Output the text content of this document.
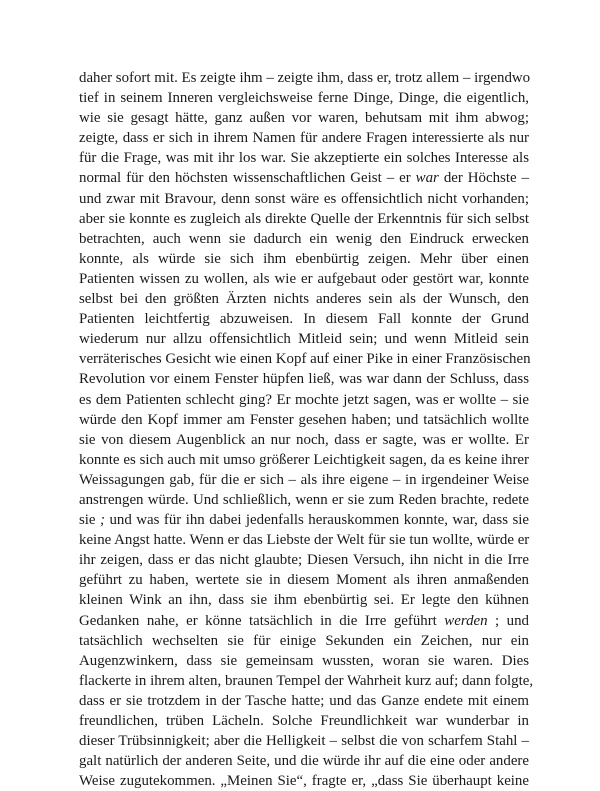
daher sofort mit. Es zeigte ihm – zeigte ihm, dass er, trotz allem – irgendwo
tief in seinem Inneren vergleichsweise ferne Dinge, Dinge, die eigentlich,
wie sie gesagt hätte, ganz außen vor waren, behutsam mit ihm abwog;
zeigte, dass er sich in ihrem Namen für andere Fragen interessierte als nur
für die Frage, was mit ihr los war. Sie akzeptierte ein solches Interesse als
normal für den höchsten wissenschaftlichen Geist – er war der Höchste –
und zwar mit Bravour, denn sonst wäre es offensichtlich nicht vorhanden;
aber sie konnte es zugleich als direkte Quelle der Erkenntnis für sich selbst
betrachten, auch wenn sie dadurch ein wenig den Eindruck erwecken
konnte, als würde sie sich ihm ebenbürtig zeigen. Mehr über einen
Patienten wissen zu wollen, als wie er aufgebaut oder gestört war, konnte
selbst bei den größten Ärzten nichts anderes sein als der Wunsch, den
Patienten leichtfertig abzuweisen. In diesem Fall konnte der Grund
wiederum nur allzu offensichtlich Mitleid sein; und wenn Mitleid sein
verräterisches Gesicht wie einen Kopf auf einer Pike in einer Französischen
Revolution vor einem Fenster hüpfen ließ, was war dann der Schluss, dass
es dem Patienten schlecht ging? Er mochte jetzt sagen, was er wollte – sie
würde den Kopf immer am Fenster gesehen haben; und tatsächlich wollte
sie von diesem Augenblick an nur noch, dass er sagte, was er wollte. Er
konnte es sich auch mit umso größerer Leichtigkeit sagen, da es keine ihrer
Weissagungen gab, für die er sich – als ihre eigene – in irgendeiner Weise
anstrengen würde. Und schließlich, wenn er sie zum Reden brachte, redete
sie ; und was für ihn dabei jedenfalls herauskommen konnte, war, dass sie
keine Angst hatte. Wenn er das Liebste der Welt für sie tun wollte, würde er
ihr zeigen, dass er das nicht glaubte; Diesen Versuch, ihn nicht in die Irre
geführt zu haben, wertete sie in diesem Moment als ihren anmaßenden
kleinen Wink an ihn, dass sie ihm ebenbürtig sei. Er legte den kühnen
Gedanken nahe, er könne tatsächlich in die Irre geführt werden ; und
tatsächlich wechselten sie für einige Sekunden ein Zeichen, nur ein
Augenzwinkern, dass sie gemeinsam wussten, woran sie waren. Dies
flackerte in ihrem alten, braunen Tempel der Wahrheit kurz auf; dann folgte,
dass er sie trotzdem in der Tasche hatte; und das Ganze endete mit einem
freundlichen, trüben Lächeln. Solche Freundlichkeit war wunderbar in
dieser Trübsinnigkeit; aber die Helligkeit – selbst die von scharfem Stahl –
galt natürlich der anderen Seite, und die würde ihr auf die eine oder andere
Weise zugutekommen. „Meinen Sie“, fragte er, „dass Sie überhaupt keine
